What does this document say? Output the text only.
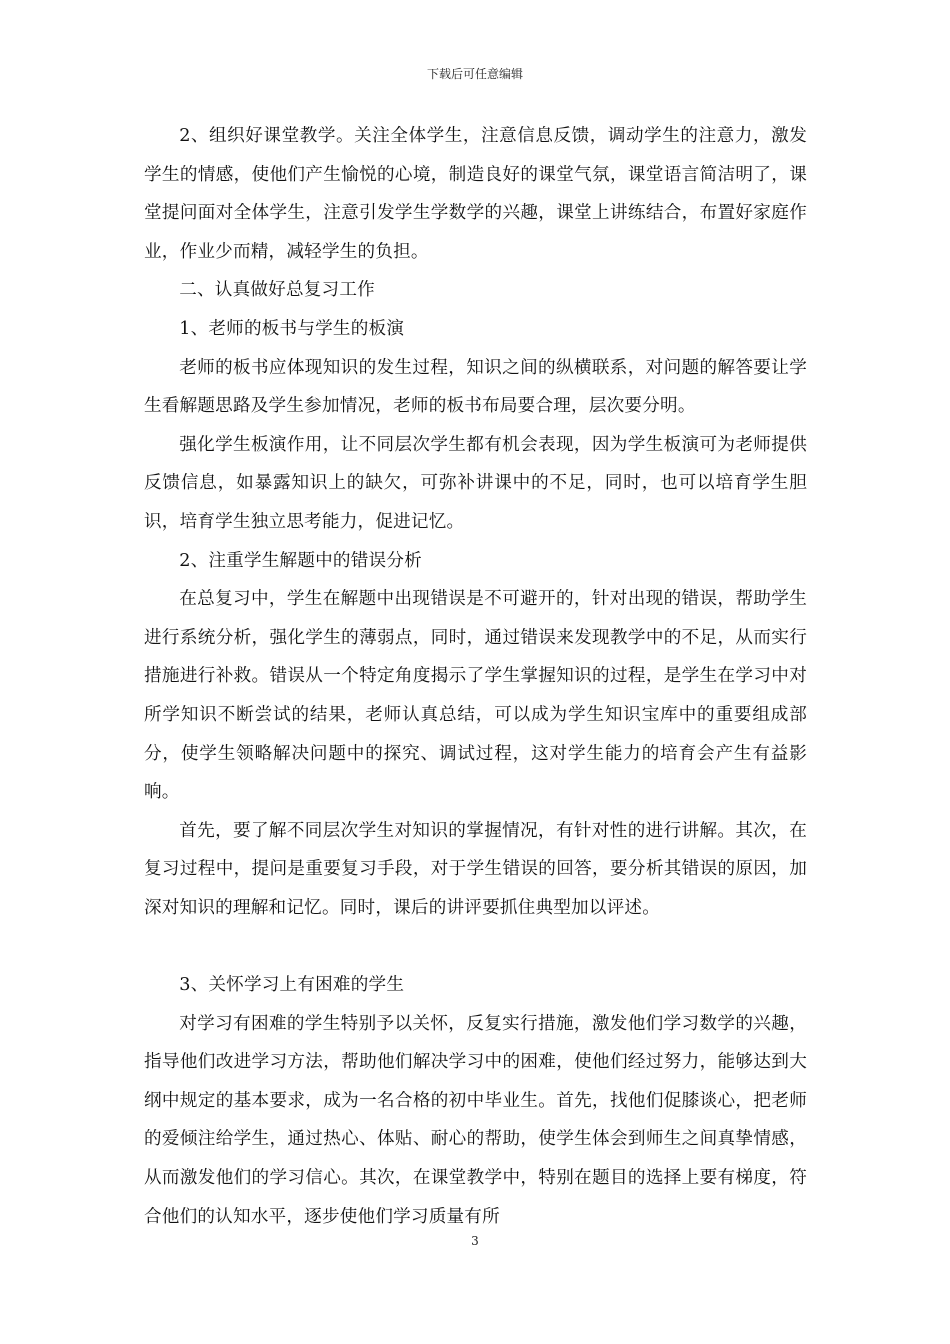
下载后可任意编辑

2、组织好课堂教学。关注全体学生，注意信息反馈，调动学生的注意力，激发学生的情感，使他们产生愉悦的心境，制造良好的课堂气氛，课堂语言简洁明了，课堂提问面对全体学生，注意引发学生学数学的兴趣，课堂上讲练结合，布置好家庭作业，作业少而精，减轻学生的负担。

二、认真做好总复习工作

1、老师的板书与学生的板演

老师的板书应体现知识的发生过程，知识之间的纵横联系，对问题的解答要让学生看解题思路及学生参加情况，老师的板书布局要合理，层次要分明。

强化学生板演作用，让不同层次学生都有机会表现，因为学生板演可为老师提供反馈信息，如暴露知识上的缺欠，可弥补讲课中的不足，同时，也可以培育学生胆识，培育学生独立思考能力，促进记忆。

2、注重学生解题中的错误分析

在总复习中，学生在解题中出现错误是不可避开的，针对出现的错误，帮助学生进行系统分析，强化学生的薄弱点，同时，通过错误来发现教学中的不足，从而实行措施进行补救。错误从一个特定角度揭示了学生掌握知识的过程，是学生在学习中对所学知识不断尝试的结果，老师认真总结，可以成为学生知识宝库中的重要组成部分，使学生领略解决问题中的探究、调试过程，这对学生能力的培育会产生有益影响。

首先，要了解不同层次学生对知识的掌握情况，有针对性的进行讲解。其次，在复习过程中，提问是重要复习手段，对于学生错误的回答，要分析其错误的原因，加深对知识的理解和记忆。同时，课后的讲评要抓住典型加以评述。

3、关怀学习上有困难的学生

对学习有困难的学生特别予以关怀，反复实行措施，激发他们学习数学的兴趣，指导他们改进学习方法，帮助他们解决学习中的困难，使他们经过努力，能够达到大纲中规定的基本要求，成为一名合格的初中毕业生。首先，找他们促膝谈心，把老师的爱倾注给学生，通过热心、体贴、耐心的帮助，使学生体会到师生之间真挚情感，从而激发他们的学习信心。其次，在课堂教学中，特别在题目的选择上要有梯度，符合他们的认知水平，逐步使他们学习质量有所

3
